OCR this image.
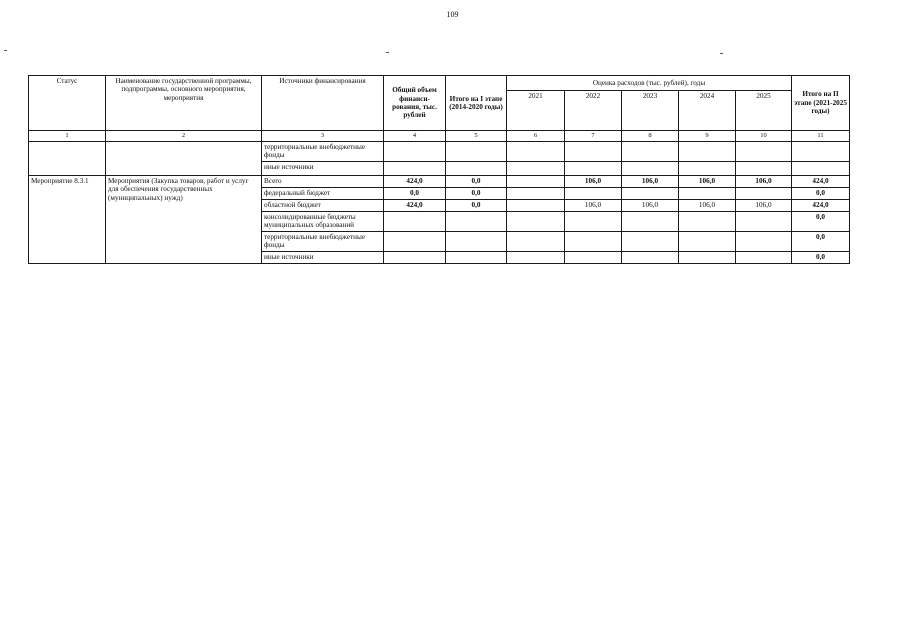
109
Статус	Наименование государственной программы, подпрограммы, основного мероприятия, мероприятия	Источники финансирования	Общий объем финанси-рования, тыс. рублей	Итого на I этапе (2014-2020 годы)	Оценка расходов (тыс. рублей), годы					Итого на II этапе (2021-2025 годы)
					2021	2022	2023	2024	2025	
1	2	3	4	5	6	7	8	9	10	11
		территориальные внебюджетные фонды								
		иные источники								
Мероприятие 8.3.1	Мероприятия (Закупка товаров, работ и услуг для обеспечения государственных (муниципальных) нужд)	Всего	424,0	0,0		106,0	106,0	106,0	106,0	424,0
		федеральный бюджет	0,0	0,0						0,0
		областной бюджет	424,0	0,0		106,0	106,0	106,0	106,0	424,0
		консолидированные бюджеты муниципальных образований								0,0
		территориальные внебюджетные фонды								0,0
		иные источники								0,0
